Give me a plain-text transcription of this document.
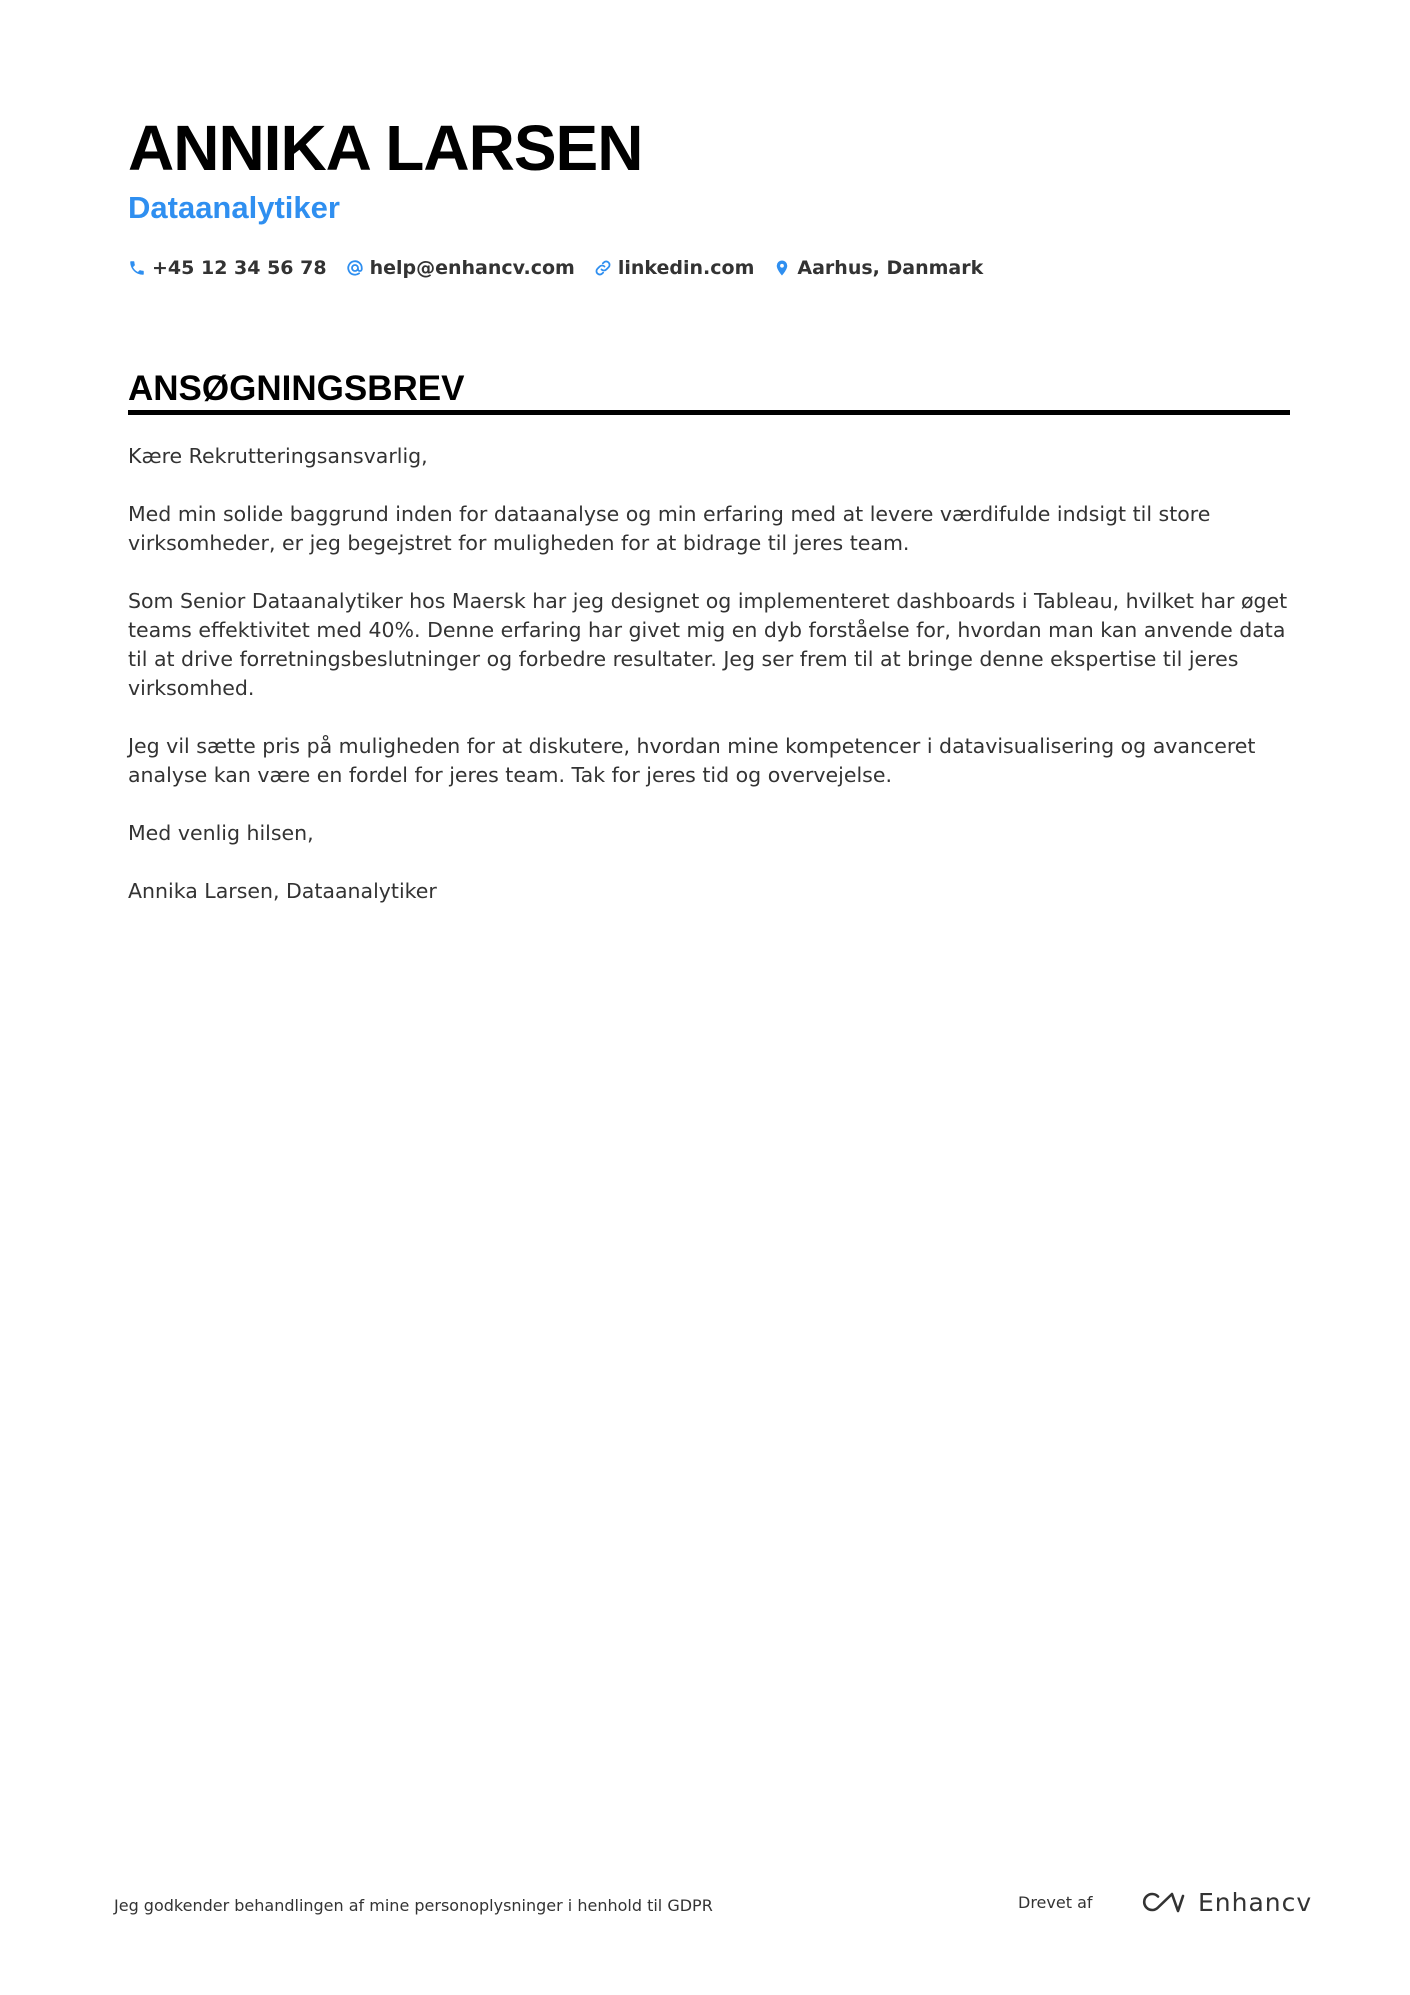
ANNIKA LARSEN
Dataanalytiker
+45 12 34 56 78 help@enhancv.com linkedin.com Aarhus, Danmark
ANSØGNINGSBREV

Kære Rekrutteringsansvarlig,

Med min solide baggrund inden for dataanalyse og min erfaring med at levere værdifulde indsigt til store virksomheder, er jeg begejstret for muligheden for at bidrage til jeres team.

Som Senior Dataanalytiker hos Maersk har jeg designet og implementeret dashboards i Tableau, hvilket har øget teams effektivitet med 40%. Denne erfaring har givet mig en dyb forståelse for, hvordan man kan anvende data til at drive forretningsbeslutninger og forbedre resultater. Jeg ser frem til at bringe denne ekspertise til jeres virksomhed.

Jeg vil sætte pris på muligheden for at diskutere, hvordan mine kompetencer i datavisualisering og avanceret analyse kan være en fordel for jeres team. Tak for jeres tid og overvejelse.

Med venlig hilsen,

Annika Larsen, Dataanalytiker

Jeg godkender behandlingen af mine personoplysninger i henhold til GDPR	Drevet af	Enhancv
